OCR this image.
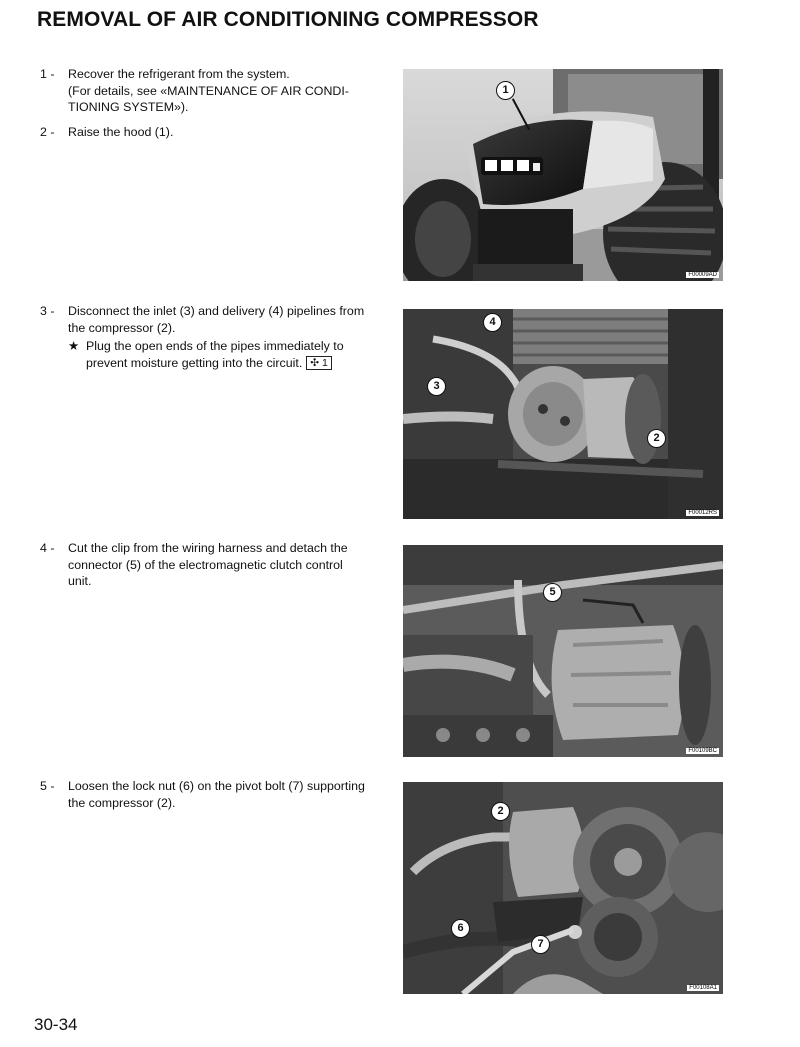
REMOVAL OF AIR CONDITIONING COMPRESSOR
1 -	Recover the refrigerant from the system.

(For details, see «MAINTENANCE OF AIR CONDI-

TIONING SYSTEM»).

2 -	Raise the hood (1).

3 -	Disconnect the inlet (3) and delivery (4) pipelines from

the compressor (2).

★ Plug the open ends of the pipes immediately to

prevent moisture getting into the circuit. ✣ 1

4 -	Cut the clip from the wiring harness and detach the

connector (5) of the electromagnetic clutch control

unit.

5 -	Loosen the lock nut (6) on the pivot bolt (7) supporting

the compressor (2).

F00009AD
1
F00012RS
4
3
2
F00109BC
5
F00108A1
2
6
7
30-34
